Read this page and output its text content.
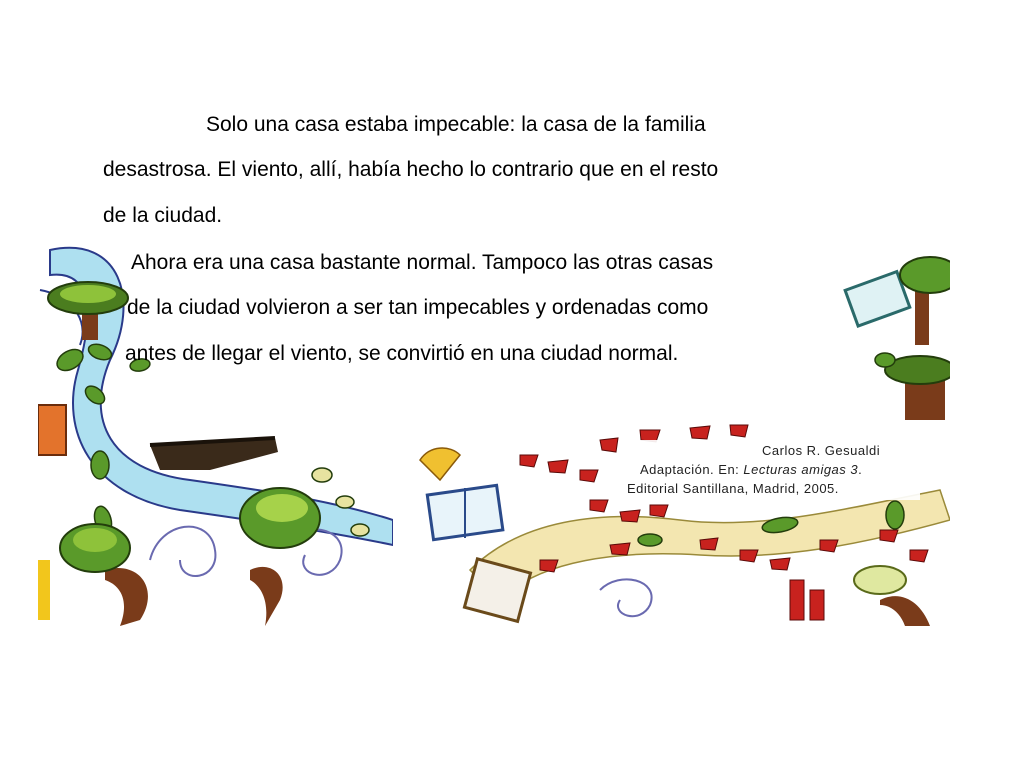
Solo una casa estaba impecable: la casa de la familia
desastrosa. El viento, allí, había hecho lo contrario que en el resto
de la ciudad.
Ahora era una casa bastante normal. Tampoco las otras casas
de la ciudad volvieron a ser tan impecables y ordenadas como
antes de llegar el viento, se convirtió en una ciudad normal.
Carlos R. Gesualdi
Adaptación. En: Lecturas amigas 3.
Editorial Santillana, Madrid, 2005.
